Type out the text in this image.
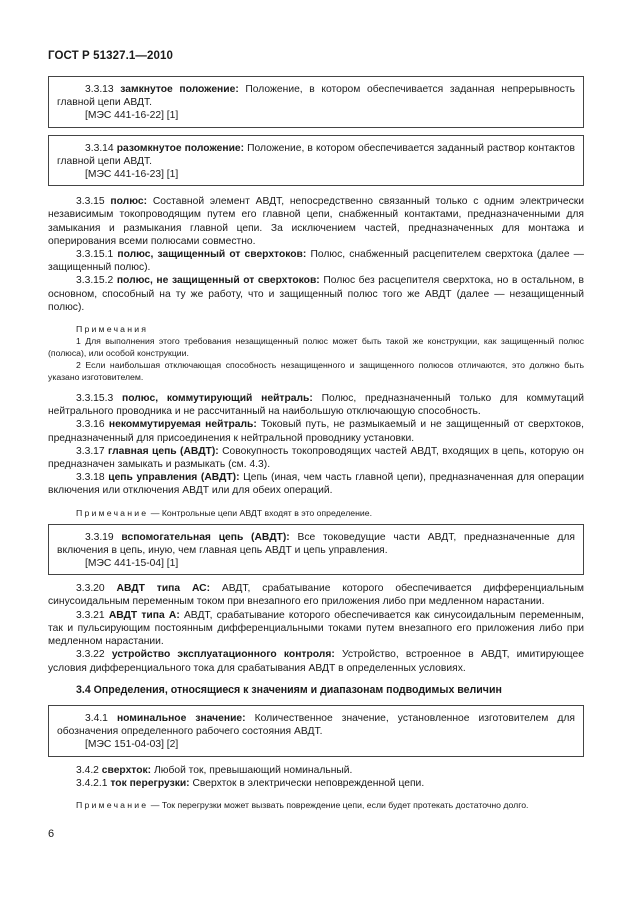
ГОСТ Р 51327.1—2010

3.3.13 замкнутое положение: Положение, в котором обеспечивается заданная непрерывность главной цепи АВДТ.

[МЭС 441-16-22] [1]

3.3.14 разомкнутое положение: Положение, в котором обеспечивается заданный раствор контактов главной цепи АВДТ.

[МЭС 441-16-23] [1]

3.3.15 полюс: Составной элемент АВДТ, непосредственно связанный только с одним электрически независимым токопроводящим путем его главной цепи, снабженный контактами, предназначенными для замыкания и размыкания главной цепи. За исключением частей, предназначенных для монтажа и оперирования всеми полюсами совместно.

3.3.15.1 полюс, защищенный от сверхтоков: Полюс, снабженный расцепителем сверхтока (далее — защищенный полюс).

3.3.15.2 полюс, не защищенный от сверхтоков: Полюс без расцепителя сверхтока, но в остальном, в основном, способный на ту же работу, что и защищенный полюс того же АВДТ (далее — незащищенный полюс).

Примечания

1 Для выполнения этого требования незащищенный полюс может быть такой же конструкции, как защищенный полюс (полюса), или особой конструкции.

2 Если наибольшая отключающая способность незащищенного и защищенного полюсов отличаются, это должно быть указано изготовителем.

3.3.15.3 полюс, коммутирующий нейтраль: Полюс, предназначенный только для коммутаций нейтрального проводника и не рассчитанный на наибольшую отключающую способность.

3.3.16 некоммутируемая нейтраль: Токовый путь, не размыкаемый и не защищенный от сверхтоков, предназначенный для присоединения к нейтральной проводнику установки.

3.3.17 главная цепь (АВДТ): Совокупность токопроводящих частей АВДТ, входящих в цепь, которую он предназначен замыкать и размыкать (см. 4.3).

3.3.18 цепь управления (АВДТ): Цепь (иная, чем часть главной цепи), предназначенная для операции включения или отключения АВДТ или для обеих операций.

Примечание — Контрольные цепи АВДТ входят в это определение.

3.3.19 вспомогательная цепь (АВДТ): Все токоведущие части АВДТ, предназначенные для включения в цепь, иную, чем главная цепь АВДТ и цепь управления.

[МЭС 441-15-04] [1]

3.3.20 АВДТ типа АС: АВДТ, срабатывание которого обеспечивается дифференциальным синусоидальным переменным током при внезапного его приложения либо при медленном нарастании.

3.3.21 АВДТ типа А: АВДТ, срабатывание которого обеспечивается как синусоидальным переменным, так и пульсирующим постоянным дифференциальными токами путем внезапного его приложения либо при медленном нарастании.

3.3.22 устройство эксплуатационного контроля: Устройство, встроенное в АВДТ, имитирующее условия дифференциального тока для срабатывания АВДТ в определенных условиях.

3.4 Определения, относящиеся к значениям и диапазонам подводимых величин

3.4.1 номинальное значение: Количественное значение, установленное изготовителем для обозначения определенного рабочего состояния АВДТ.

[МЭС 151-04-03] [2]

3.4.2 сверхток: Любой ток, превышающий номинальный.

3.4.2.1 ток перегрузки: Сверхток в электрически неповрежденной цепи.

Примечание — Ток перегрузки может вызвать повреждение цепи, если будет протекать достаточно долго.

6
